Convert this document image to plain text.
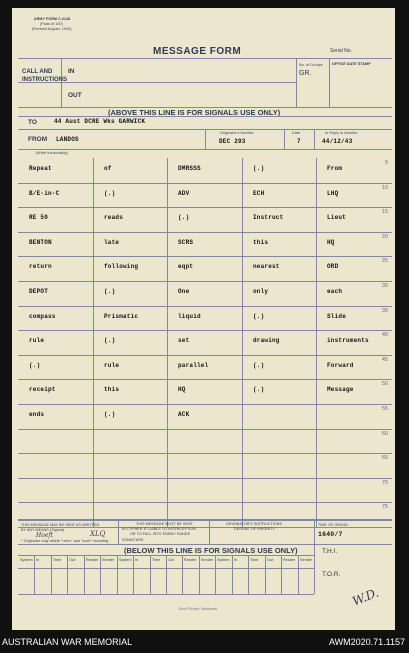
ARMY FORM C.2128
(Pads of 100)
(Revised August, 1943)
MESSAGE FORM	Serial No.
CALL AND INSTRUCTIONS
IN
OUT
No. of Groups
GR.
OFFICE DATE STAMP
(ABOVE THIS LINE IS FOR SIGNALS USE ONLY)
TO	44 Aust DCRE Wks GARWICK
FROM LANDOS
Originator's Number
DEC 293
Date
7
In Reply to Number
44/12/43
(Write horizontally)
Repeat	of	DMRSSS	(.)	From
5
B/E-in-C	(.)	ADV	ECH	LHQ
10
RE 50	reads	(.)	Instruct	Lieut
15
BENTON	late	SCRS	this	HQ
20
return	following	eqpt	nearest	ORD
25
DEPOT	(.)	One	only	each
30
compass	Prismatic	liquid	(.)	Slide
35
rule	(.)	set	drawing	instruments
40
(.)	rule	parallel	(.)	Forward
45
receipt	this	HQ	(.)	Message
50
ends	(.)	ACK
55
60
65
70
75
THIS MESSAGE MAY BE SENT AS WRITTEN
BY ANY MEANS (Signed)
Hoeft	XLQ
* Originator may delete "rerun" and "such" including
THIS MESSAGE MUST BE SENT
IN CYPHER IF LIABLE TO INTERCEPTION
OR TO FALL INTO ENEMY HANDS
SIGNATURE
ORIGINATOR'S INSTRUCTIONS
DEGREE OF PRIORITY
TIME OF ORIGIN
1640/7
(BELOW THIS LINE IS FOR SIGNALS USE ONLY)	T.H.I.
System In	Time Out	Reader Sender System In	Time Out	Reader Sender System In	Time Out	Reader Sender
T.O.R.
Govt Printer, Brisbane	W.D.
AUSTRALIAN WAR MEMORIAL	AWM2020.71.1157
